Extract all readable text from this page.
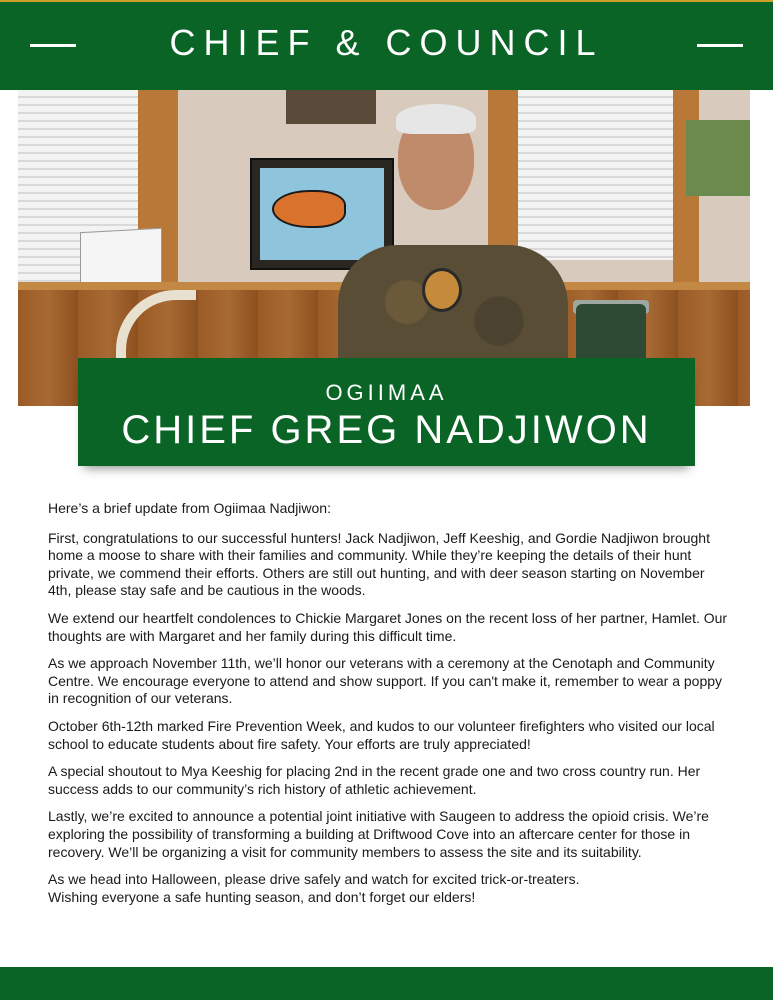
CHIEF & COUNCIL
OGIIMAA
CHIEF GREG NADJIWON

Here’s a brief update from Ogiimaa Nadjiwon:

First, congratulations to our successful hunters! Jack Nadjiwon, Jeff Keeshig, and Gordie Nadjiwon brought home a moose to share with their families and community. While they’re keeping the details of their hunt private, we commend their efforts. Others are still out hunting, and with deer season starting on November 4th, please stay safe and be cautious in the woods.

We extend our heartfelt condolences to Chickie Margaret Jones on the recent loss of her partner, Hamlet. Our thoughts are with Margaret and her family during this difficult time.

As we approach November 11th, we’ll honor our veterans with a ceremony at the Cenotaph and Community Centre. We encourage everyone to attend and show support. If you can't make it, remember to wear a poppy in recognition of our veterans.

October 6th-12th marked Fire Prevention Week, and kudos to our volunteer firefighters who visited our local school to educate students about fire safety. Your efforts are truly appreciated!

A special shoutout to Mya Keeshig for placing 2nd in the recent grade one and two cross country run. Her success adds to our community’s rich history of athletic achievement.

Lastly, we’re excited to announce a potential joint initiative with Saugeen to address the opioid crisis. We’re exploring the possibility of transforming a building at Driftwood Cove into an aftercare center for those in recovery. We’ll be organizing a visit for community members to assess the site and its suitability.

As we head into Halloween, please drive safely and watch for excited trick-or-treaters.
Wishing everyone a safe hunting season, and don’t forget our elders!
